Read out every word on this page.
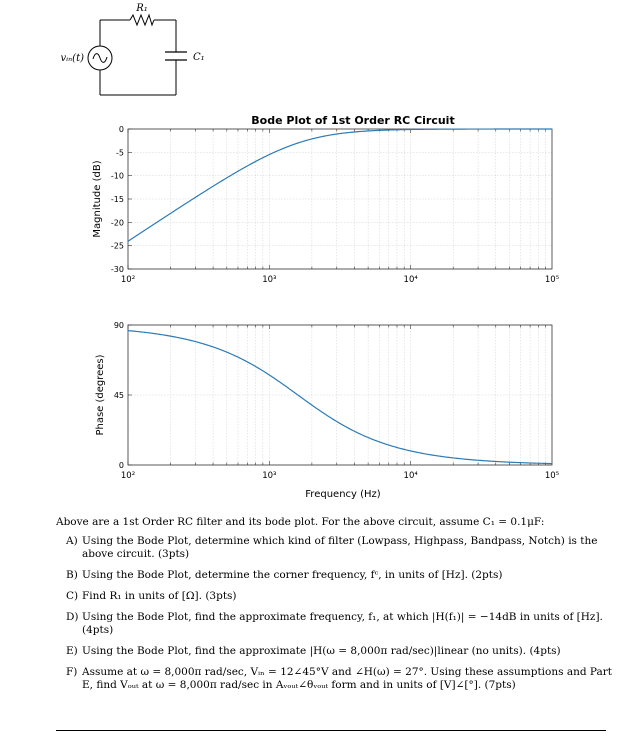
R₁
C₁
vᵢₙ(t)
Bode Plot of 1st Order RC Circuit
0
-5
-10
-15
-20
-25
-30
10²	10³	10⁴	10⁵
Magnitude (dB)
0
45
90
10²	10³	10⁴	10⁵
Phase (degrees)
Frequency (Hz)

Above are a 1st Order RC filter and its bode plot. For the above circuit, assume C₁ = 0.1μF:

A) Using the Bode Plot, determine which kind of filter (Lowpass, Highpass, Bandpass, Notch) is the above circuit. (3pts)
B) Using the Bode Plot, determine the corner frequency, fᶜ, in units of [Hz]. (2pts)
C) Find R₁ in units of [Ω]. (3pts)
D) Using the Bode Plot, find the approximate frequency, f₁, at which |H(f₁)| = −14dB in units of [Hz]. (4pts)
E) Using the Bode Plot, find the approximate |H(ω = 8,000π rad/sec)|linear (no units). (4pts)
F) Assume at ω = 8,000π rad/sec, Vᵢₙ = 12∠45°V and ∠H(ω) = 27°. Using these assumptions and Part E, find Vₒᵤₜ at ω = 8,000π rad/sec in Aᵥₒᵤₜ∠θᵥₒᵤₜ form and in units of [V]∠[°]. (7pts)
